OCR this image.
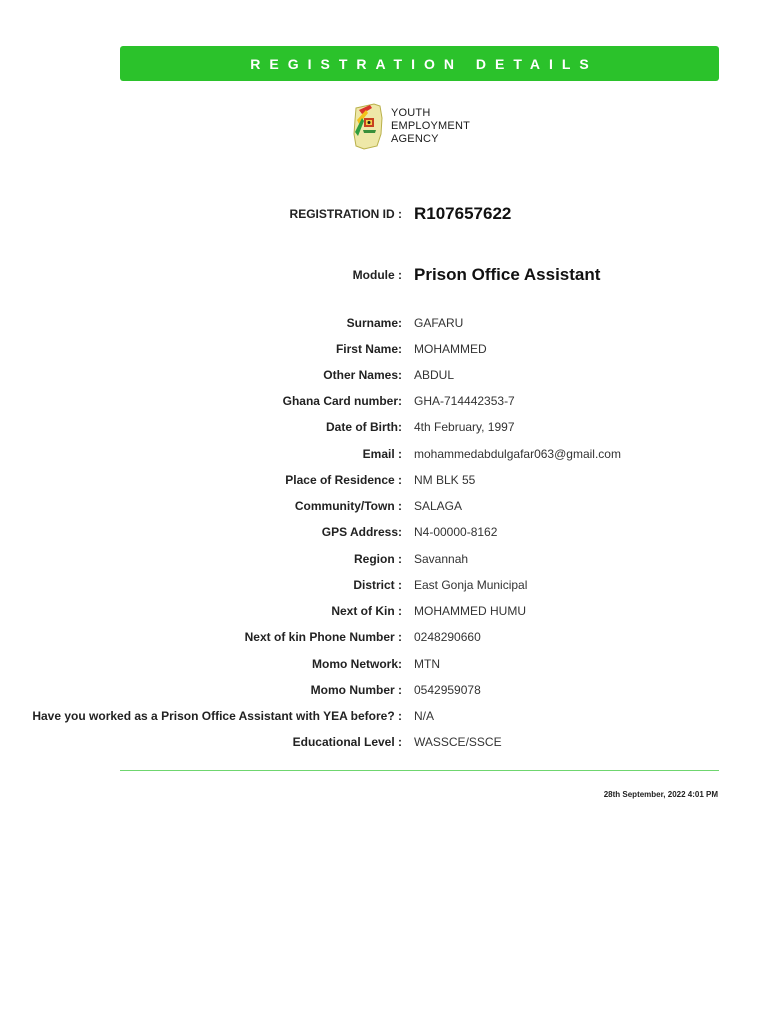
REGISTRATION DETAILS
YOUTH
EMPLOYMENT
AGENCY
REGISTRATION ID : R107657622
Module : Prison Office Assistant
Surname: GAFARU
First Name: MOHAMMED
Other Names: ABDUL
Ghana Card number: GHA-714442353-7
Date of Birth: 4th February, 1997
Email : mohammedabdulgafar063@gmail.com
Place of Residence : NM BLK 55
Community/Town : SALAGA
GPS Address: N4-00000-8162
Region : Savannah
District : East Gonja Municipal
Next of Kin : MOHAMMED HUMU
Next of kin Phone Number : 0248290660
Momo Network: MTN
Momo Number : 0542959078
Have you worked as a Prison Office Assistant with YEA before? : N/A
Educational Level : WASSCE/SSCE
28th September, 2022 4:01 PM
